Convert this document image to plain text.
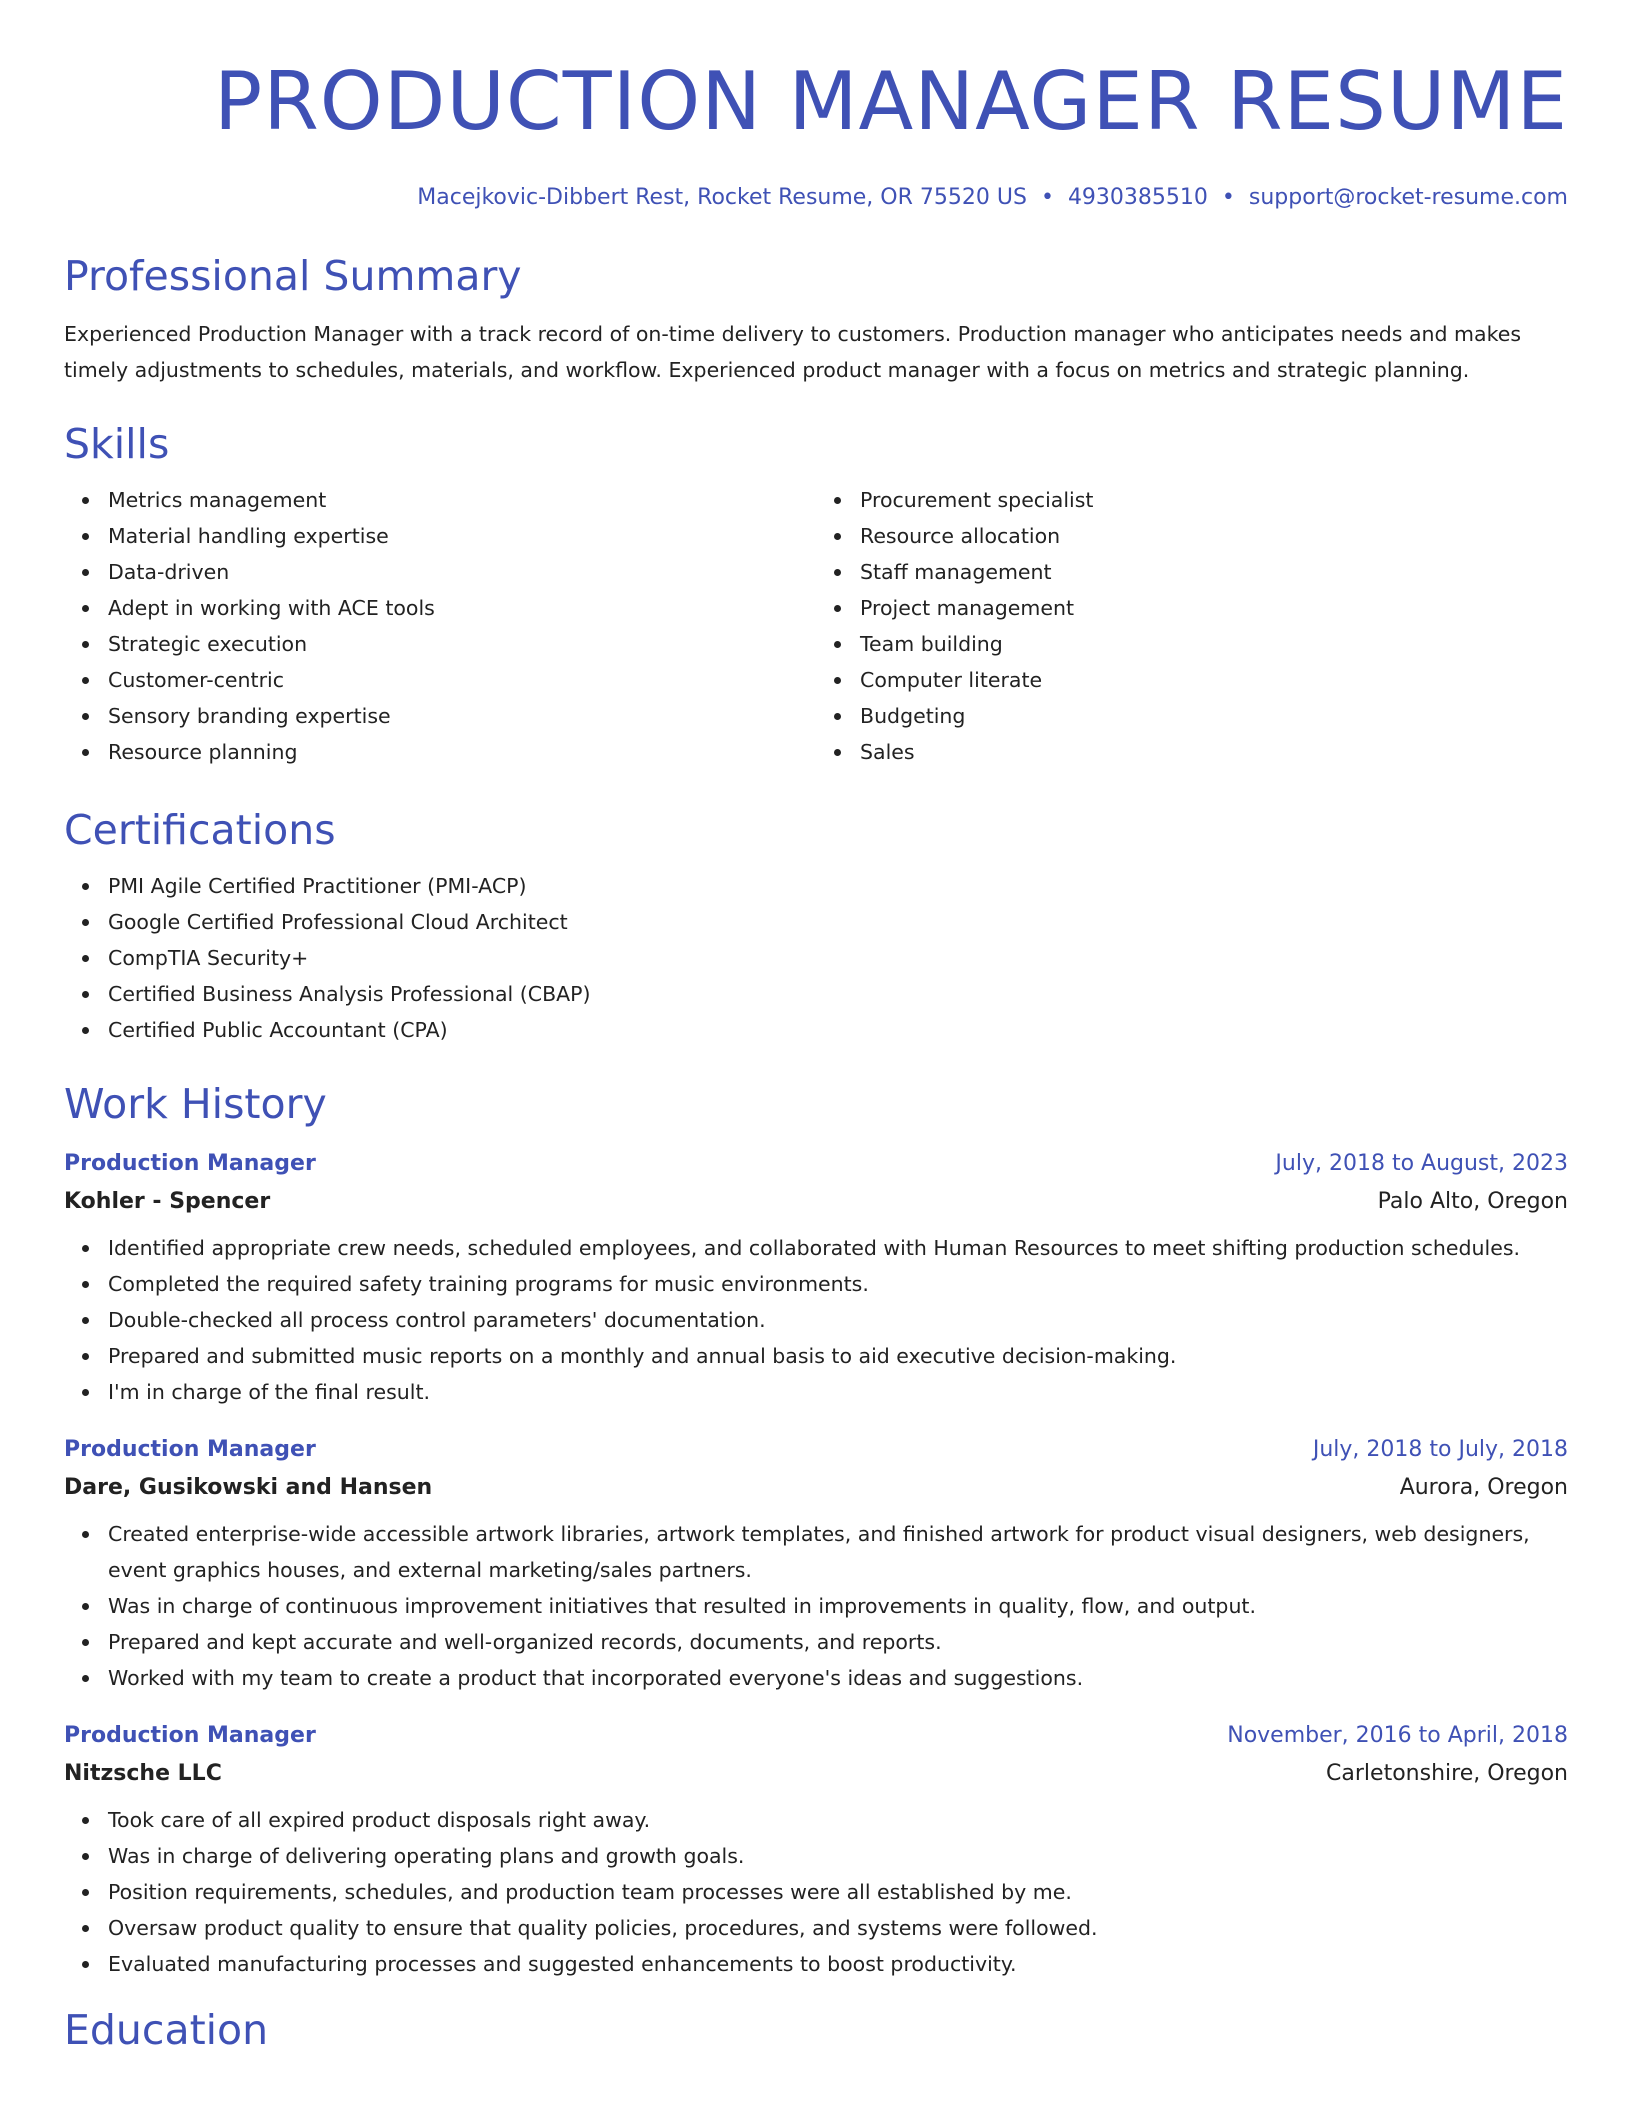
PRODUCTION MANAGER RESUME
Macejkovic-Dibbert Rest, Rocket Resume, OR 75520 US • 4930385510 • support@rocket-resume.com
Professional Summary
Experienced Production Manager with a track record of on-time delivery to customers. Production manager who anticipates needs and makes timely adjustments to schedules, materials, and workflow. Experienced product manager with a focus on metrics and strategic planning.
Skills
Metrics management
Material handling expertise
Data-driven
Adept in working with ACE tools
Strategic execution
Customer-centric
Sensory branding expertise
Resource planning
Procurement specialist
Resource allocation
Staff management
Project management
Team building
Computer literate
Budgeting
Sales
Certifications
PMI Agile Certified Practitioner (PMI-ACP)
Google Certified Professional Cloud Architect
CompTIA Security+
Certified Business Analysis Professional (CBAP)
Certified Public Accountant (CPA)
Work History
Production Manager	July, 2018 to August, 2023
Kohler - Spencer	Palo Alto, Oregon
Identified appropriate crew needs, scheduled employees, and collaborated with Human Resources to meet shifting production schedules.
Completed the required safety training programs for music environments.
Double-checked all process control parameters' documentation.
Prepared and submitted music reports on a monthly and annual basis to aid executive decision-making.
I'm in charge of the final result.
Production Manager	July, 2018 to July, 2018
Dare, Gusikowski and Hansen	Aurora, Oregon
Created enterprise-wide accessible artwork libraries, artwork templates, and finished artwork for product visual designers, web designers, event graphics houses, and external marketing/sales partners.
Was in charge of continuous improvement initiatives that resulted in improvements in quality, flow, and output.
Prepared and kept accurate and well-organized records, documents, and reports.
Worked with my team to create a product that incorporated everyone's ideas and suggestions.
Production Manager	November, 2016 to April, 2018
Nitzsche LLC	Carletonshire, Oregon
Took care of all expired product disposals right away.
Was in charge of delivering operating plans and growth goals.
Position requirements, schedules, and production team processes were all established by me.
Oversaw product quality to ensure that quality policies, procedures, and systems were followed.
Evaluated manufacturing processes and suggested enhancements to boost productivity.
Education
